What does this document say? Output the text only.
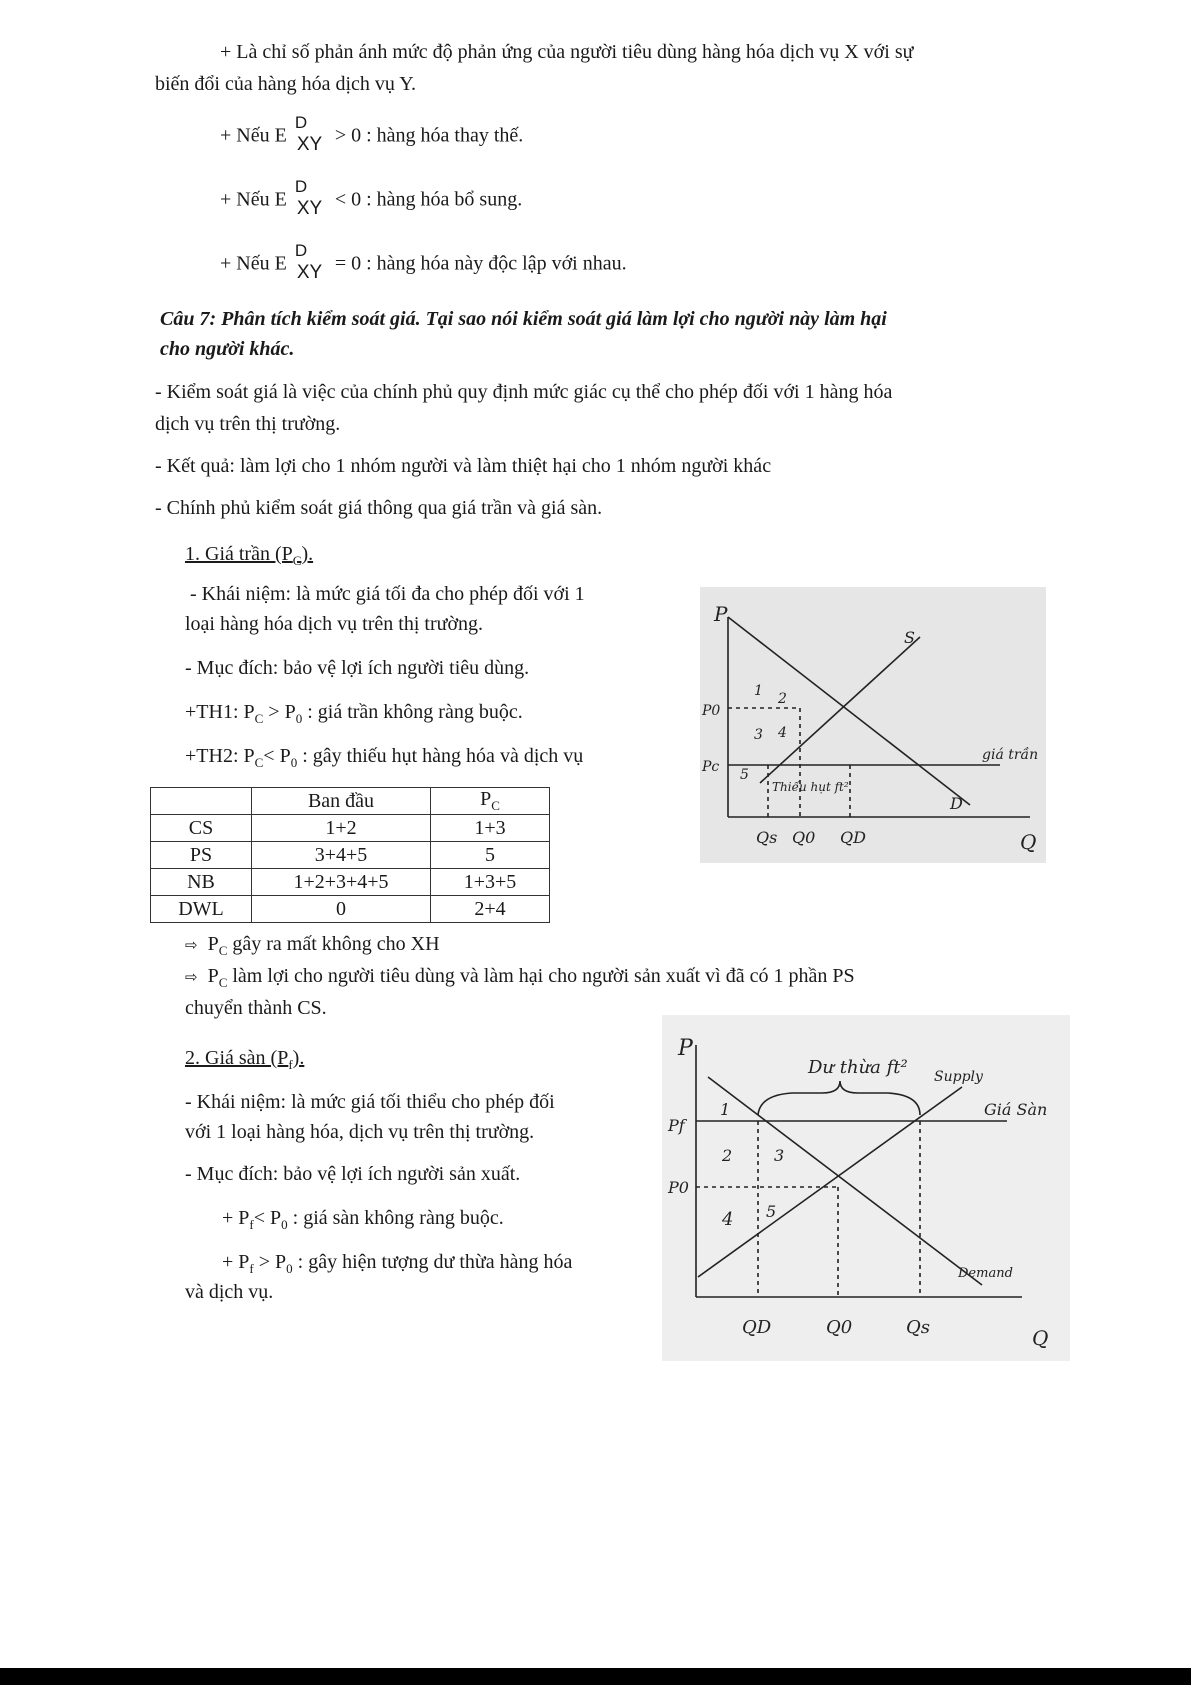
+ Là chỉ số phản ánh mức độ phản ứng của người tiêu dùng hàng hóa dịch vụ X với sự
biến đổi của hàng hóa dịch vụ Y.
+ Nếu E
D
XY > 0 : hàng hóa thay thế.
+ Nếu E
D
XY < 0 : hàng hóa bổ sung.
+ Nếu E
D
XY = 0 : hàng hóa này độc lập với nhau.
Câu 7: Phân tích kiểm soát giá. Tại sao nói kiểm soát giá làm lợi cho người này làm hại
cho người khác.
- Kiểm soát giá là việc của chính phủ quy định mức giác cụ thể cho phép đối với 1 hàng hóa
dịch vụ trên thị trường.
- Kết quả: làm lợi cho 1 nhóm người và làm thiệt hại cho 1 nhóm người khác
- Chính phủ kiểm soát giá thông qua giá trần và giá sàn.
1. Giá trần $(P_C)$.
- Khái niệm: là mức giá tối đa cho phép đối với 1
loại hàng hóa dịch vụ trên thị trường.
- Mục đích: bảo vệ lợi ích người tiêu dùng.
+TH1: $P_C > P_0$ : giá trần không ràng buộc.
+TH2: $P_C< P_0$ : gây thiếu hụt hàng hóa và dịch vụ
	Ban đầu	$P_C$
CS	1+2	1+3
PS	3+4+5	5
NB	1+2+3+4+5	1+3+5
DWL	0	2+4
⇨ $P_C$ gây ra mất không cho XH
⇨ $P_C$ làm lợi cho người tiêu dùng và làm hại cho người sản xuất vì đã có 1 phần PS
chuyển thành CS.
P
Q
S
D
P0
Pc
giá trần
Thiếu hụt ft²
Qs Q0 QD
1 2
3 4
5
2. Giá sàn $(P_f)$.
- Khái niệm: là mức giá tối thiểu cho phép đối
với 1 loại hàng hóa, dịch vụ trên thị trường.
- Mục đích: bảo vệ lợi ích người sản xuất.
+ $P_f< P_0$ : giá sàn không ràng buộc.
+ $P_f > P_0$ : gây hiện tượng dư thừa hàng hóa
và dịch vụ.
P
Q
Pf
P0
Dư thừa ft² Supply
Giá Sàn
Demand
QD	Q0	Qs
1
2	3
4 5
